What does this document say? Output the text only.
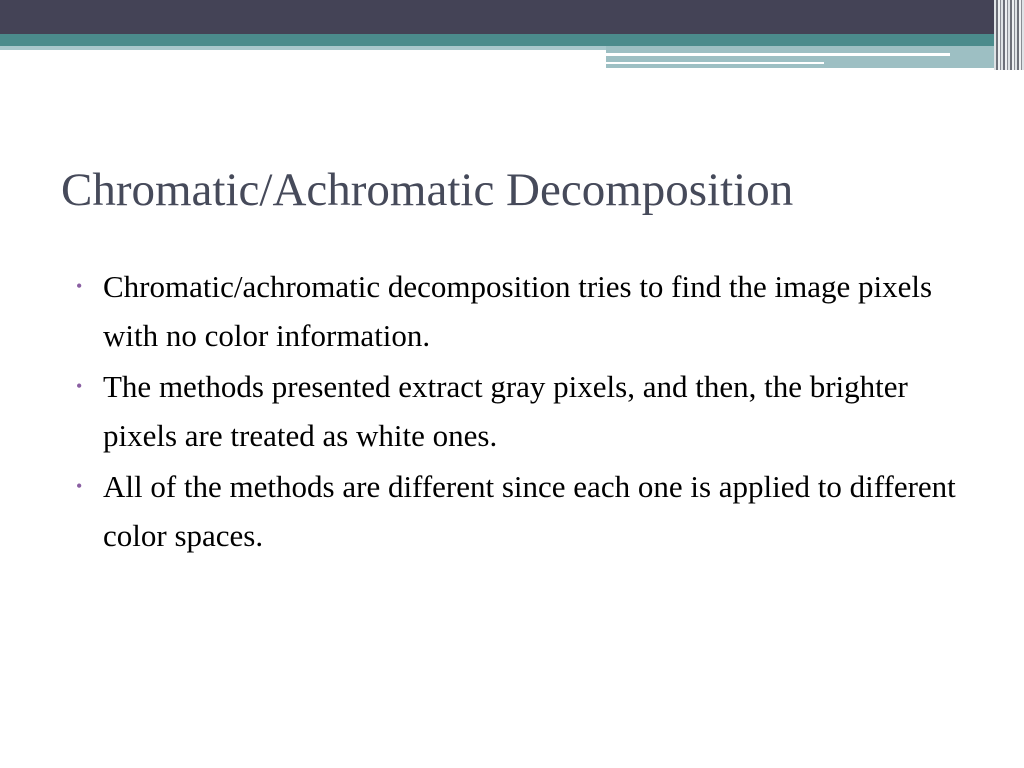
Chromatic/Achromatic Decomposition
• Chromatic/achromatic decomposition tries to find the image pixels with no color information.
• The methods presented extract gray pixels, and then, the brighter pixels are treated as white ones.
• All of the methods are different since each one is applied to different color spaces.
